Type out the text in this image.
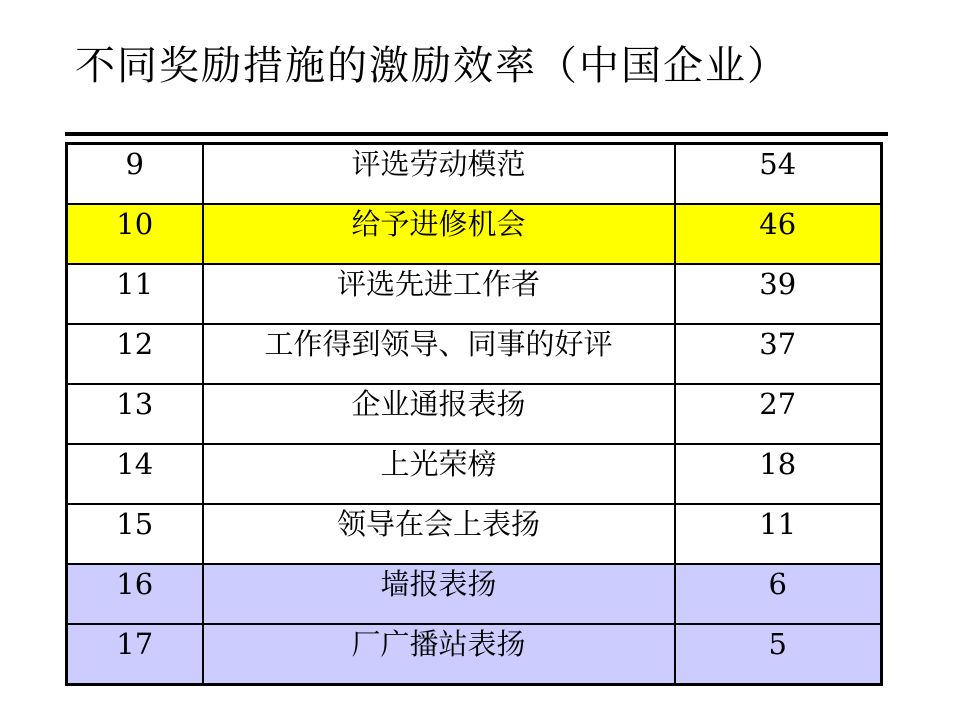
不同奖励措施的激励效率（中国企业）
9	评选劳动模范	54
10	给予进修机会	46
11	评选先进工作者	39
12	工作得到领导、同事的好评	37
13	企业通报表扬	27
14	上光荣榜	18
15	领导在会上表扬	11
16	墙报表扬	6
17	厂广播站表扬	5
